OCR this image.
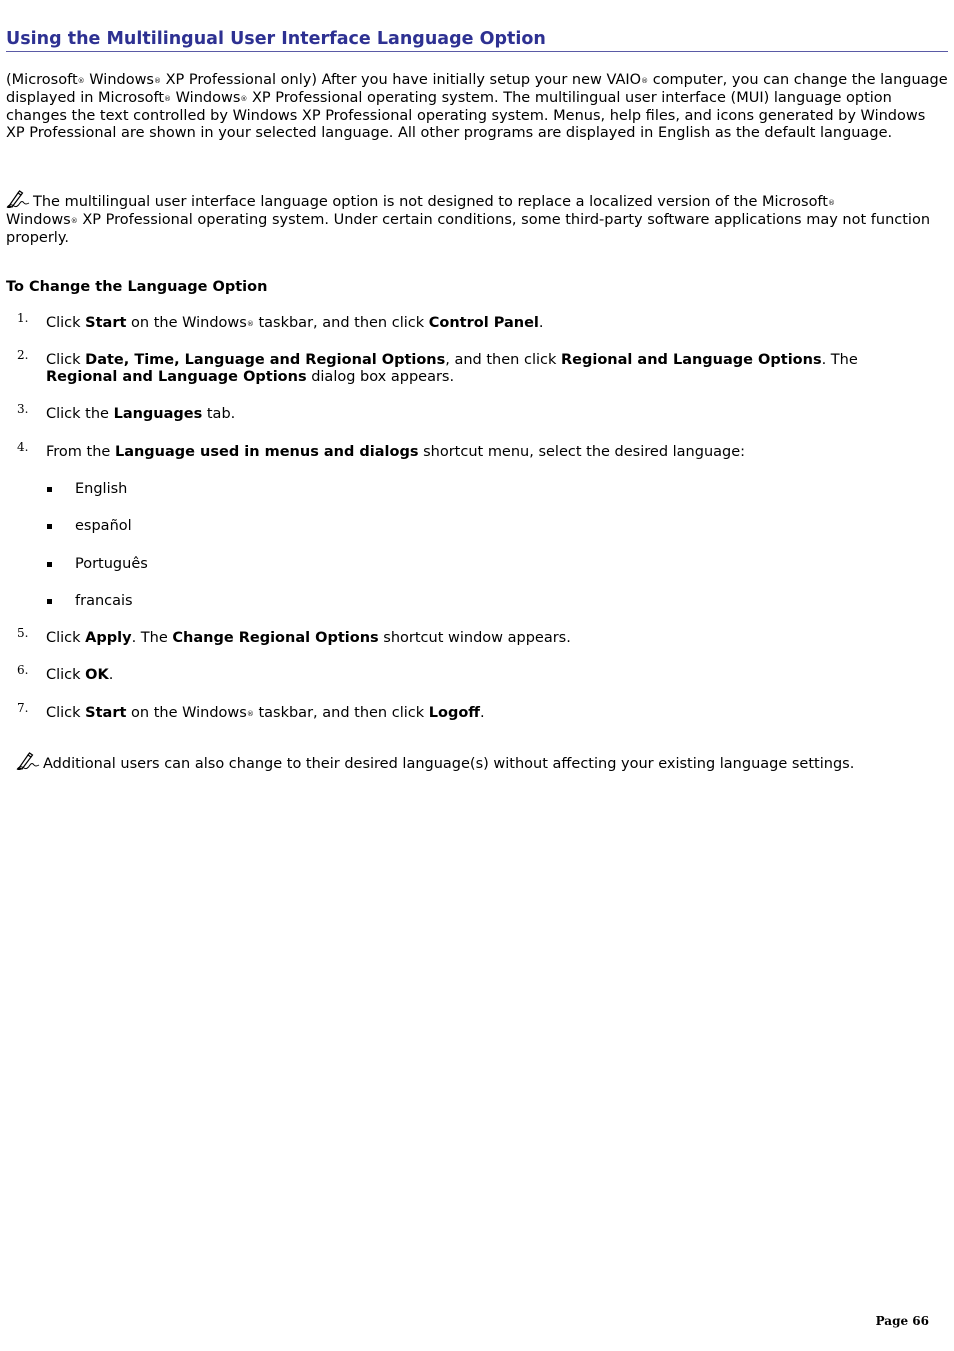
Using the Multilingual User Interface Language Option

(Microsoft® Windows® XP Professional only) After you have initially setup your new VAIO® computer, you can change the language displayed in Microsoft® Windows® XP Professional operating system. The multilingual user interface (MUI) language option changes the text controlled by Windows XP Professional operating system. Menus, help files, and icons generated by Windows XP Professional are shown in your selected language. All other programs are displayed in English as the default language.

The multilingual user interface language option is not designed to replace a localized version of the Microsoft®
Windows® XP Professional operating system. Under certain conditions, some third-party software applications may not function properly.

To Change the Language Option

1. Click Start on the Windows® taskbar, and then click Control Panel.
2. Click Date, Time, Language and Regional Options, and then click Regional and Language Options. The
Regional and Language Options dialog box appears.
3. Click the Languages tab.
4. From the Language used in menus and dialogs shortcut menu, select the desired language:
English
español
Português
francais
5. Click Apply. The Change Regional Options shortcut window appears.
6. Click OK.
7. Click Start on the Windows® taskbar, and then click Logoff.

Additional users can also change to their desired language(s) without affecting your existing language settings.

Page 66
